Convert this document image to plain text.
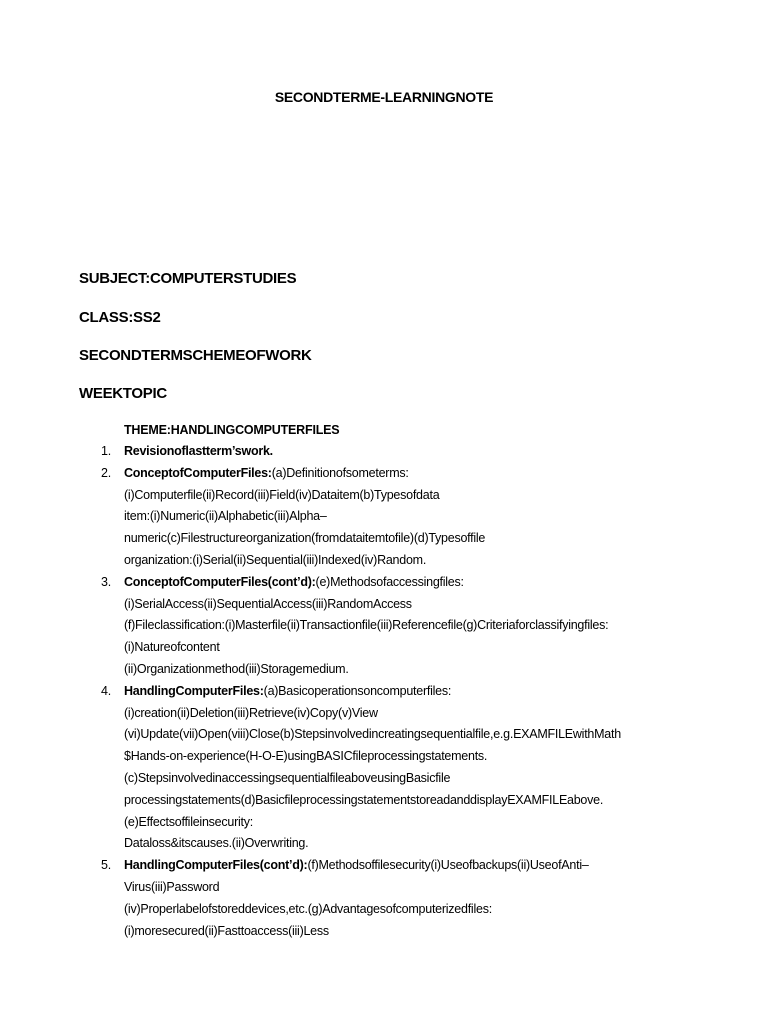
SECONDTERME-LEARNINGNOTE
SUBJECT:COMPUTERSTUDIES
CLASS:SS2
SECONDTERMSCHEMEOFWORK
WEEKTOPIC
THEME:HANDLINGCOMPUTERFILES
1.	Revisionoflastterm’swork.
2.	ConceptofComputerFiles:(a)Definitionofsometerms:
(i)Computerfile(ii)Record(iii)Field(iv)Dataitem(b)Typesofdata
item:(i)Numeric(ii)Alphabetic(iii)Alpha–
numeric(c)Filestructureorganization(fromdataitemtofile)(d)Typesoffile
organization:(i)Serial(ii)Sequential(iii)Indexed(iv)Random.
3.	ConceptofComputerFiles(cont’d):(e)Methodsofaccessingfiles:
(i)SerialAccess(ii)SequentialAccess(iii)RandomAccess
(f)Fileclassification:(i)Masterfile(ii)Transactionfile(iii)Referencefile(g)Criteriaforclassifyingfiles:
(i)Natureofcontent
(ii)Organizationmethod(iii)Storagemedium.
4.	HandlingComputerFiles:(a)Basicoperationsoncomputerfiles:
(i)creation(ii)Deletion(iii)Retrieve(iv)Copy(v)View
(vi)Update(vii)Open(viii)Close(b)Stepsinvolvedincreatingsequentialfile,e.g.EXAMFILEwithMath
$Hands-on-experience(H-O-E)usingBASICfileprocessingstatements.
(c)StepsinvolvedinaccessingsequentialfileaboveusingBasicfile
processingstatements(d)BasicfileprocessingstatementstoreadanddisplayEXAMFILEabove.
(e)Effectsoffileinsecurity:
Dataloss&itscauses.(ii)Overwriting.
5.	HandlingComputerFiles(cont’d):(f)Methodsoffilesecurity(i)Useofbackups(ii)UseofAnti–
Virus(iii)Password
(iv)Properlabelofstoreddevices,etc.(g)Advantagesofcomputerizedfiles:
(i)moresecured(ii)Fasttoaccess(iii)Less
